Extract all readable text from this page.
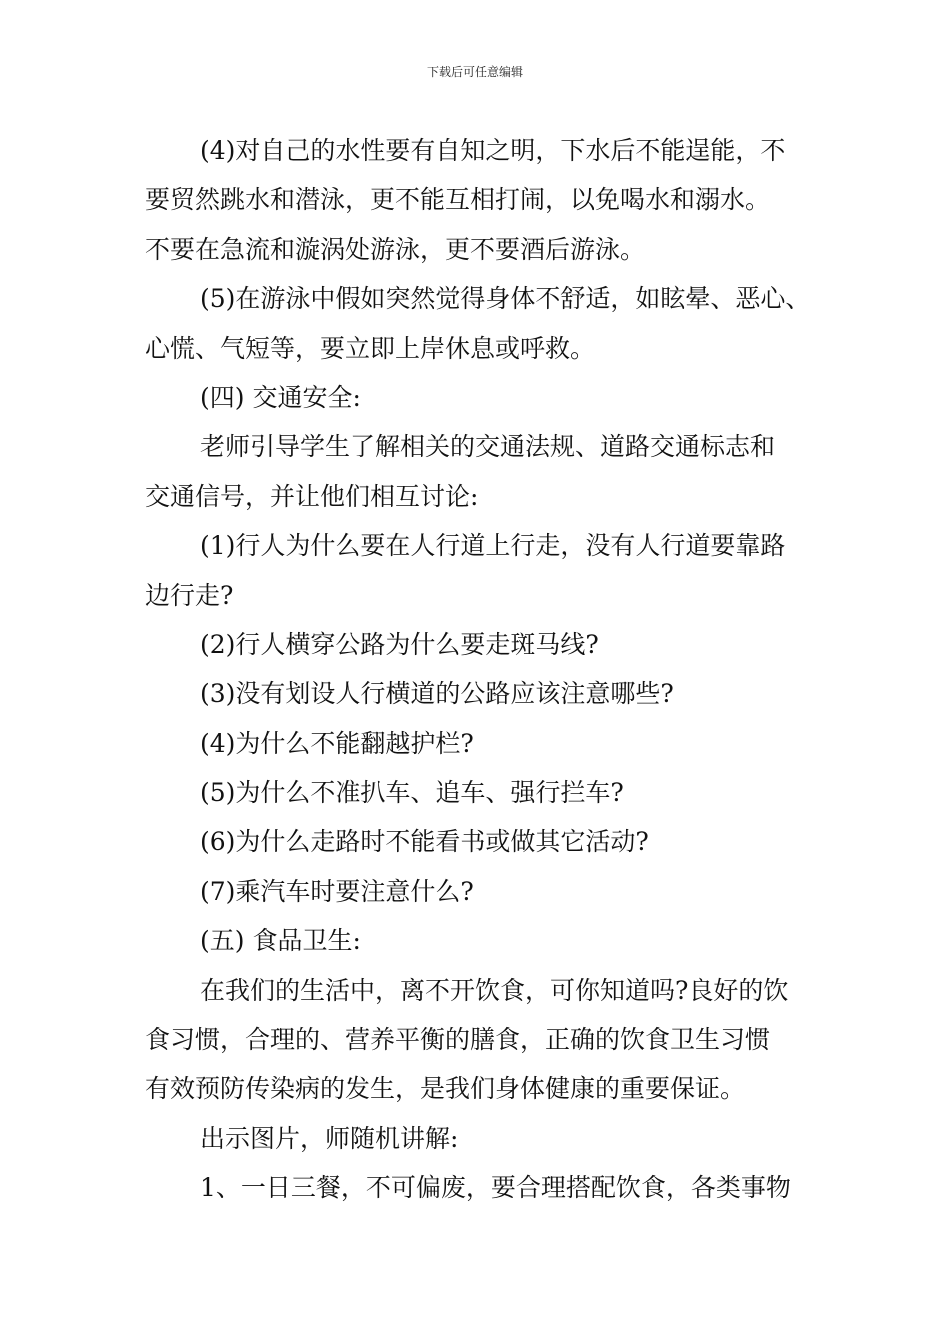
下载后可任意编辑
(4)对自己的水性要有自知之明，下水后不能逞能，不
要贸然跳水和潜泳，更不能互相打闹，以免喝水和溺水。
不要在急流和漩涡处游泳，更不要酒后游泳。
(5)在游泳中假如突然觉得身体不舒适，如眩晕、恶心、
心慌、气短等，要立即上岸休息或呼救。
(四) 交通安全:
老师引导学生了解相关的交通法规、道路交通标志和
交通信号，并让他们相互讨论:
(1)行人为什么要在人行道上行走，没有人行道要靠路
边行走?
(2)行人横穿公路为什么要走斑马线?
(3)没有划设人行横道的公路应该注意哪些?
(4)为什么不能翻越护栏?
(5)为什么不准扒车、追车、强行拦车?
(6)为什么走路时不能看书或做其它活动?
(7)乘汽车时要注意什么?
(五) 食品卫生:
在我们的生活中，离不开饮食，可你知道吗?良好的饮
食习惯，合理的、营养平衡的膳食，正确的饮食卫生习惯
有效预防传染病的发生，是我们身体健康的重要保证。
出示图片，师随机讲解:
1、一日三餐，不可偏废，要合理搭配饮食，各类事物
